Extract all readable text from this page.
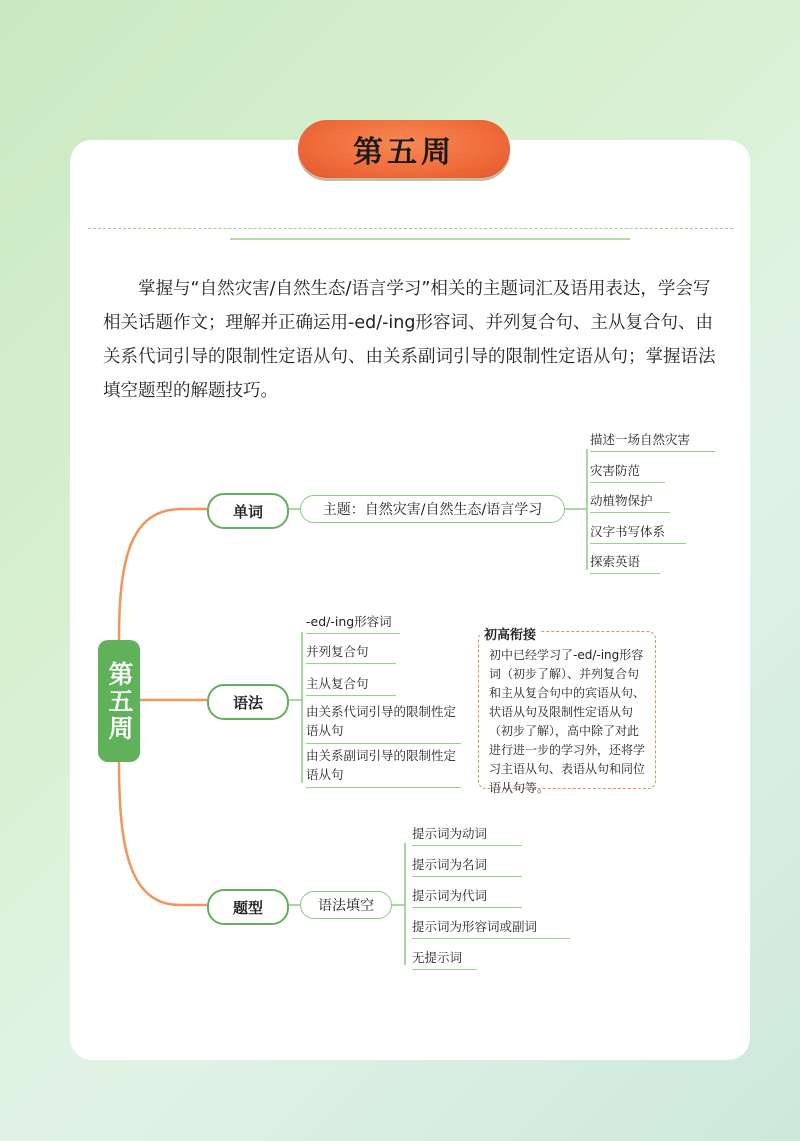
第五周
掌握与“自然灾害/自然生态/语言学习”相关的主题词汇及语用表达，学会写相关话题作文；理解并正确运用-ed/-ing形容词、并列复合句、主从复合句、由关系代词引导的限制性定语从句、由关系副词引导的限制性定语从句；掌握语法填空题型的解题技巧。
第五周
单词	主题：自然灾害/自然生态/语言学习
描述一场自然灾害
灾害防范
动植物保护
汉字书写体系
探索英语
语法
-ed/-ing形容词
并列复合句
主从复合句
由关系代词引导的限制性定语从句
由关系副词引导的限制性定语从句
初中已经学习了-ed/-ing形容词（初步了解）、并列复合句和主从复合句中的宾语从句、状语从句及限制性定语从句（初步了解），高中除了对此进行进一步的学习外，还将学习主语从句、表语从句和同位语从句等。
初高衔接
题型	语法填空
提示词为动词
提示词为名词
提示词为代词
提示词为形容词或副词
无提示词
